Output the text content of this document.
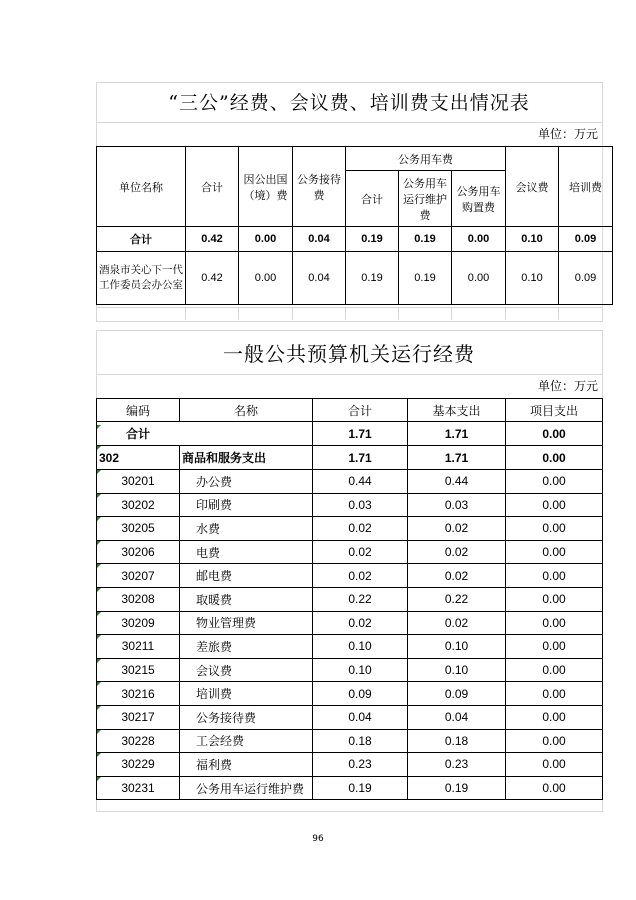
“三公”经费、会议费、培训费支出情况表
单位：万元
单位名称	合计	因公出国（境）费	公务接待费	公务用车费			会议费	培训费
				合计	公务用车运行维护费	公务用车购置费		
合计	0.42	0.00	0.04	0.19	0.19	0.00	0.10	0.09
酒泉市关心下一代工作委员会办公室	0.42	0.00	0.04	0.19	0.19	0.00	0.10	0.09
一般公共预算机关运行经费
单位：万元
编码	名称	合计	基本支出	项目支出

合计		1.71	1.71	0.00
302	商品和服务支出	1.71	1.71	0.00
30201	办公费	0.44	0.44	0.00
30202	印刷费	0.03	0.03	0.00
30205	水费	0.02	0.02	0.00
30206	电费	0.02	0.02	0.00
30207	邮电费	0.02	0.02	0.00
30208	取暖费	0.22	0.22	0.00
30209	物业管理费	0.02	0.02	0.00
30211	差旅费	0.10	0.10	0.00
30215	会议费	0.10	0.10	0.00
30216	培训费	0.09	0.09	0.00
30217	公务接待费	0.04	0.04	0.00
30228	工会经费	0.18	0.18	0.00
30229	福利费	0.23	0.23	0.00
30231	公务用车运行维护费	0.19	0.19	0.00
96
